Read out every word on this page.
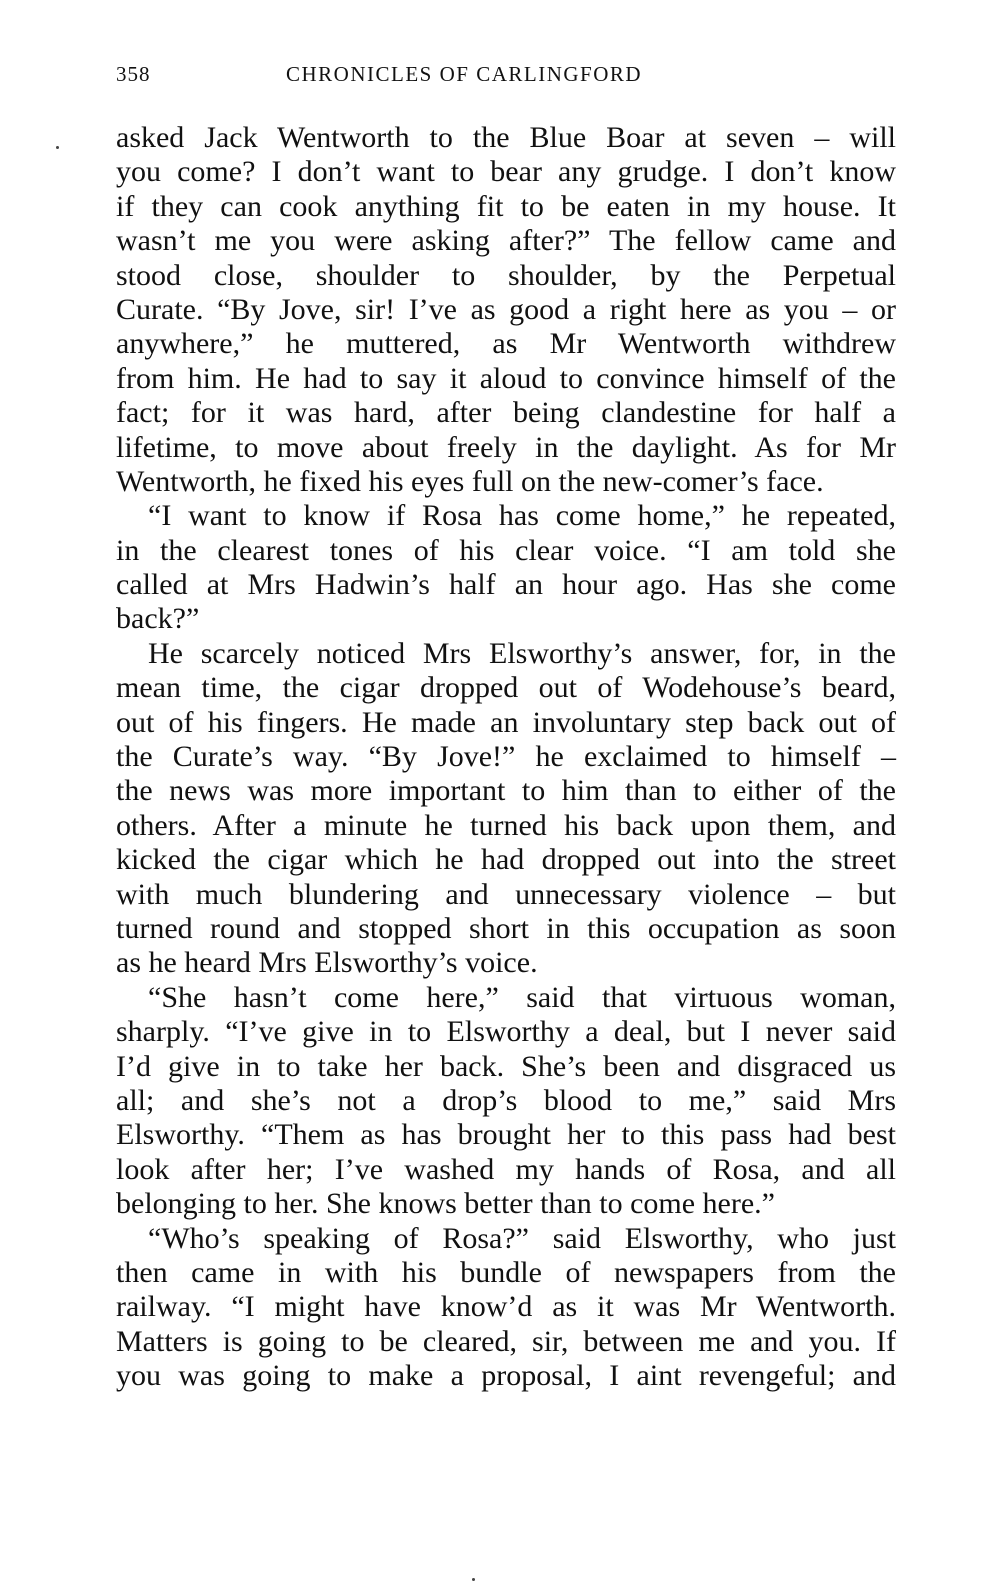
358	CHRONICLES OF CARLINGFORD
asked Jack Wentworth to the Blue Boar at seven – will
you come? I don’t want to bear any grudge. I don’t know
if they can cook anything fit to be eaten in my house. It
wasn’t me you were asking after?” The fellow came and
stood close, shoulder to shoulder, by the Perpetual
Curate. “By Jove, sir! I’ve as good a right here as you – or
anywhere,” he muttered, as Mr Wentworth withdrew
from him. He had to say it aloud to convince himself of the
fact; for it was hard, after being clandestine for half a
lifetime, to move about freely in the daylight. As for Mr
Wentworth, he fixed his eyes full on the new-comer’s face.
“I want to know if Rosa has come home,” he repeated,
in the clearest tones of his clear voice. “I am told she
called at Mrs Hadwin’s half an hour ago. Has she come
back?”
He scarcely noticed Mrs Elsworthy’s answer, for, in the
mean time, the cigar dropped out of Wodehouse’s beard,
out of his fingers. He made an involuntary step back out of
the Curate’s way. “By Jove!” he exclaimed to himself –
the news was more important to him than to either of the
others. After a minute he turned his back upon them, and
kicked the cigar which he had dropped out into the street
with much blundering and unnecessary violence – but
turned round and stopped short in this occupation as soon
as he heard Mrs Elsworthy’s voice.
“She hasn’t come here,” said that virtuous woman,
sharply. “I’ve give in to Elsworthy a deal, but I never said
I’d give in to take her back. She’s been and disgraced us
all; and she’s not a drop’s blood to me,” said Mrs
Elsworthy. “Them as has brought her to this pass had best
look after her; I’ve washed my hands of Rosa, and all
belonging to her. She knows better than to come here.”
“Who’s speaking of Rosa?” said Elsworthy, who just
then came in with his bundle of newspapers from the
railway. “I might have know’d as it was Mr Wentworth.
Matters is going to be cleared, sir, between me and you. If
you was going to make a proposal, I aint revengeful; and
